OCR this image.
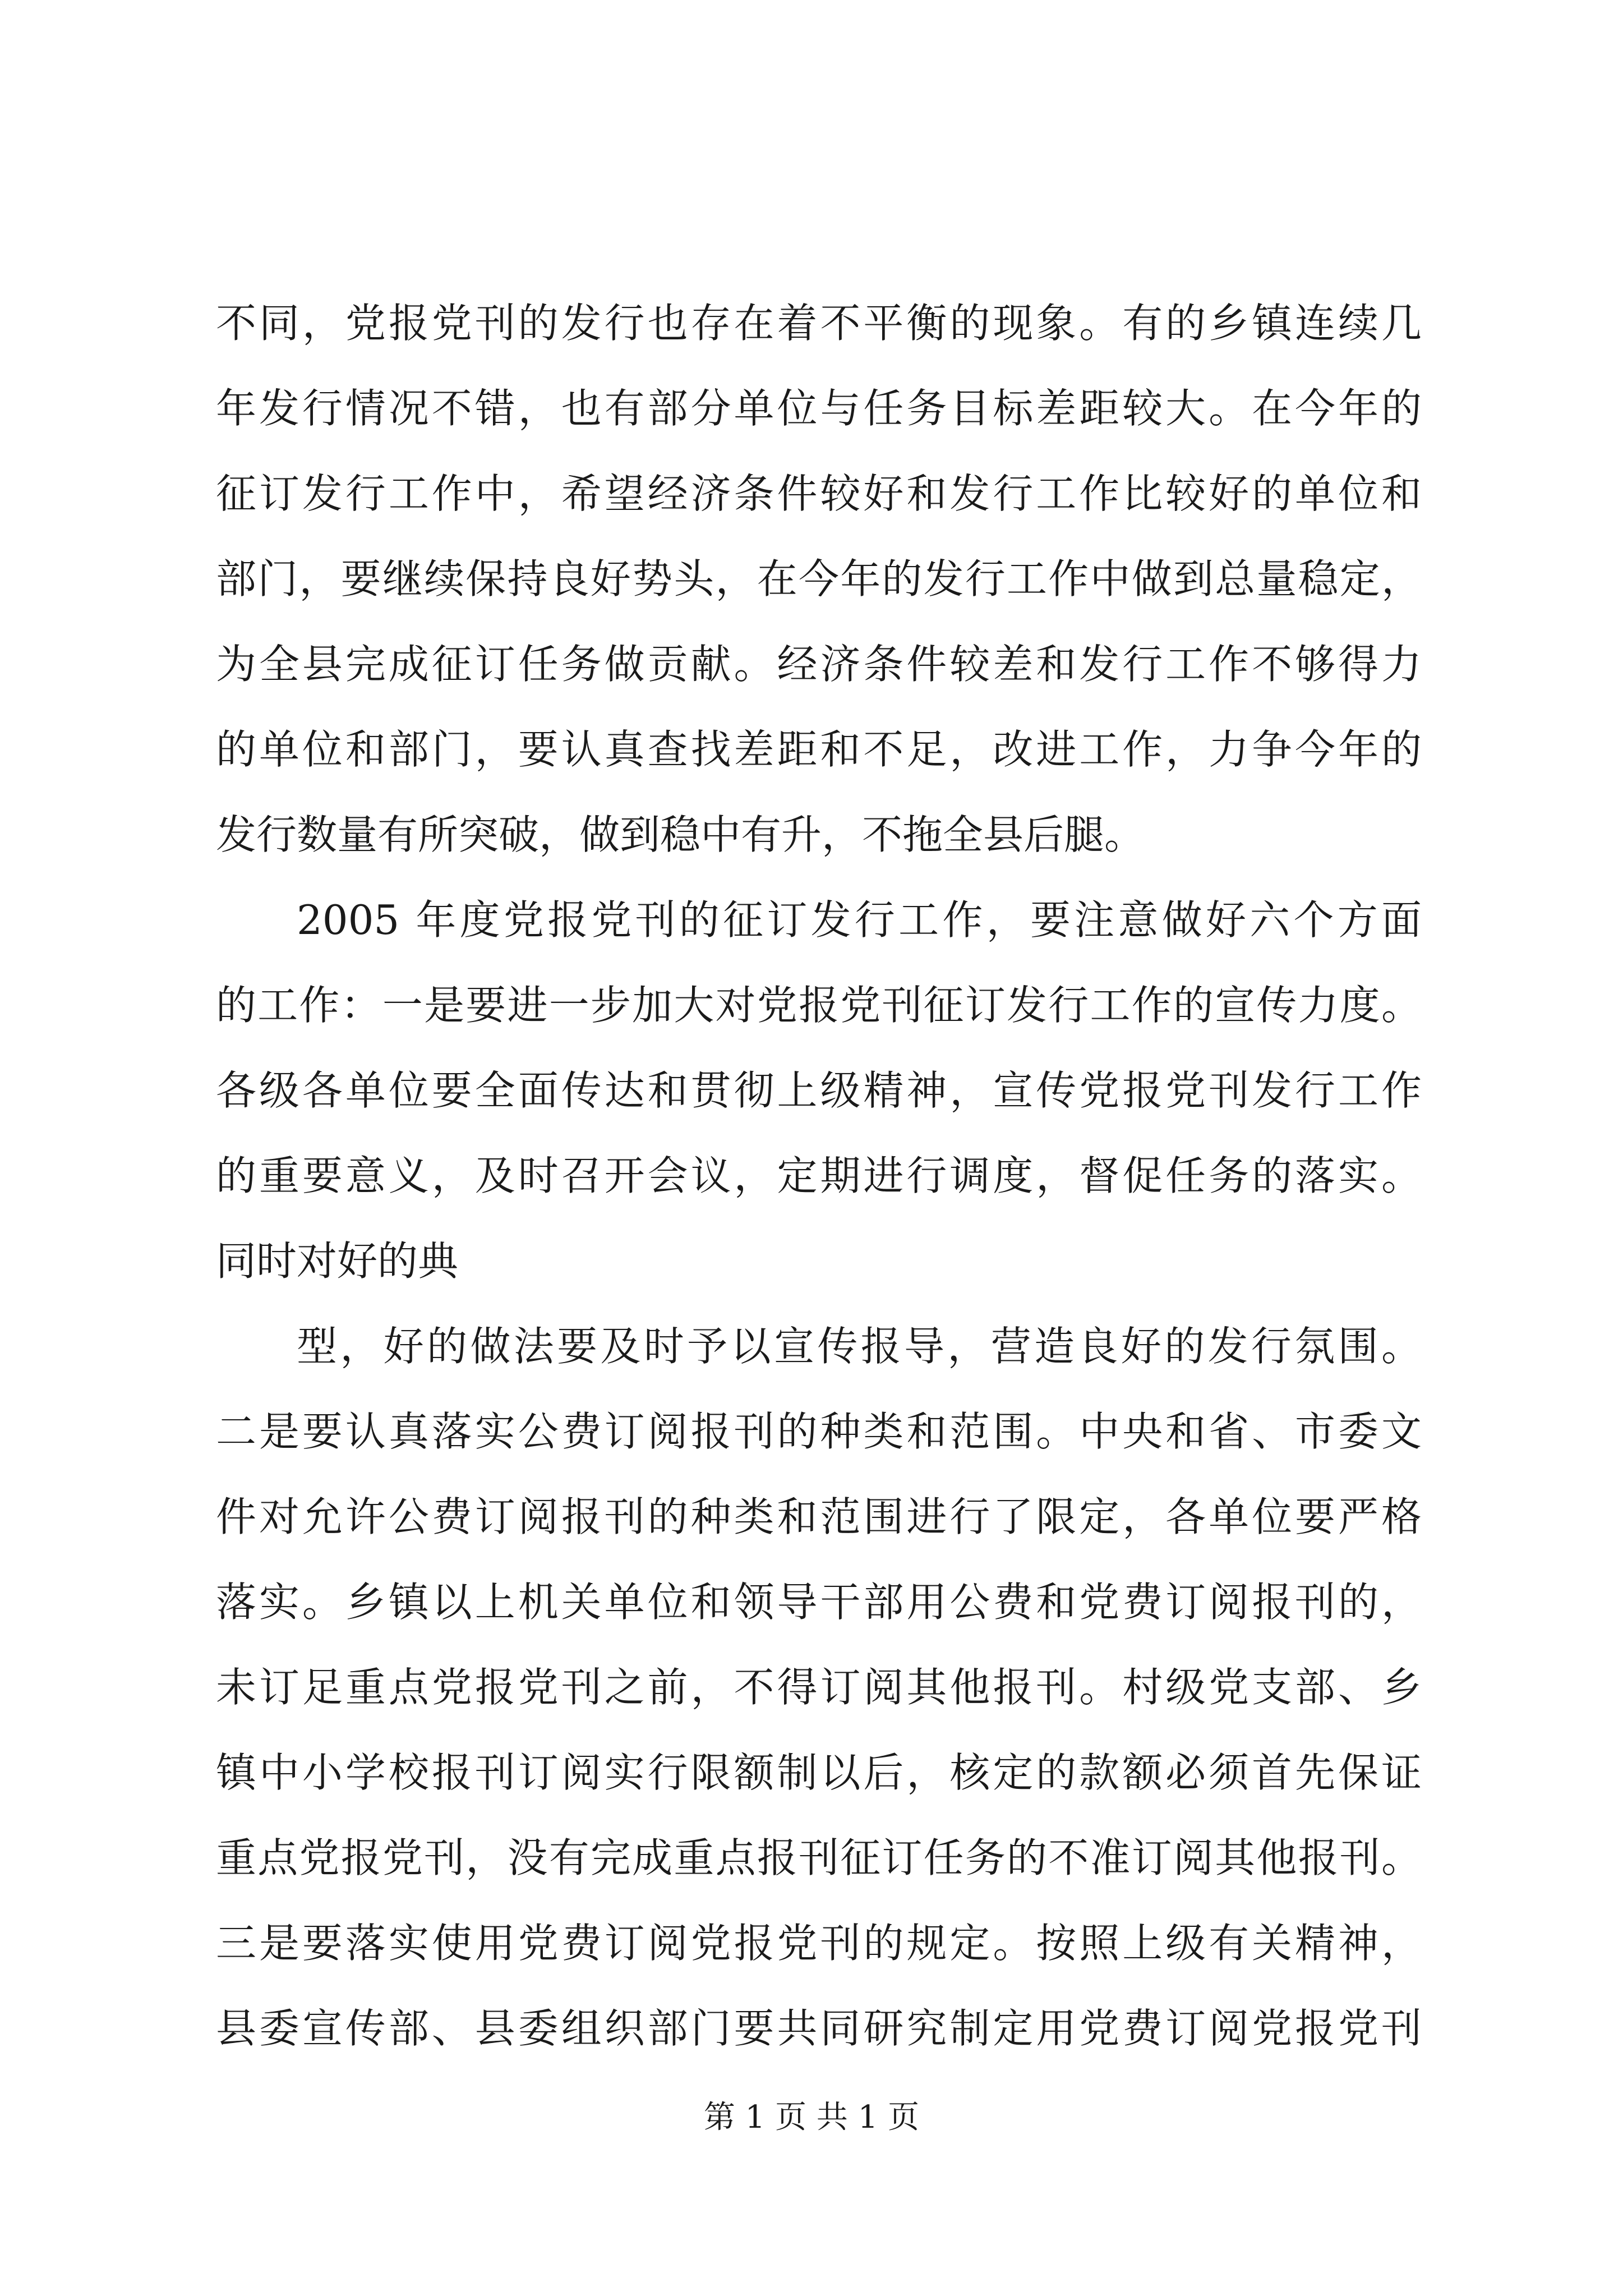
不同，党报党刊的发行也存在着不平衡的现象。有的乡镇连续几
年发行情况不错，也有部分单位与任务目标差距较大。在今年的
征订发行工作中，希望经济条件较好和发行工作比较好的单位和
部门，要继续保持良好势头，在今年的发行工作中做到总量稳定，
为全县完成征订任务做贡献。经济条件较差和发行工作不够得力
的单位和部门，要认真查找差距和不足，改进工作，力争今年的
发行数量有所突破，做到稳中有升，不拖全县后腿。
2005 年度党报党刊的征订发行工作，要注意做好六个方面
的工作：一是要进一步加大对党报党刊征订发行工作的宣传力度。
各级各单位要全面传达和贯彻上级精神，宣传党报党刊发行工作
的重要意义，及时召开会议，定期进行调度，督促任务的落实。
同时对好的典
型，好的做法要及时予以宣传报导，营造良好的发行氛围。
二是要认真落实公费订阅报刊的种类和范围。中央和省、市委文
件对允许公费订阅报刊的种类和范围进行了限定，各单位要严格
落实。乡镇以上机关单位和领导干部用公费和党费订阅报刊的，
未订足重点党报党刊之前，不得订阅其他报刊。村级党支部、乡
镇中小学校报刊订阅实行限额制以后，核定的款额必须首先保证
重点党报党刊，没有完成重点报刊征订任务的不准订阅其他报刊。
三是要落实使用党费订阅党报党刊的规定。按照上级有关精神，
县委宣传部、县委组织部门要共同研究制定用党费订阅党报党刊
第 1 页 共 1 页
